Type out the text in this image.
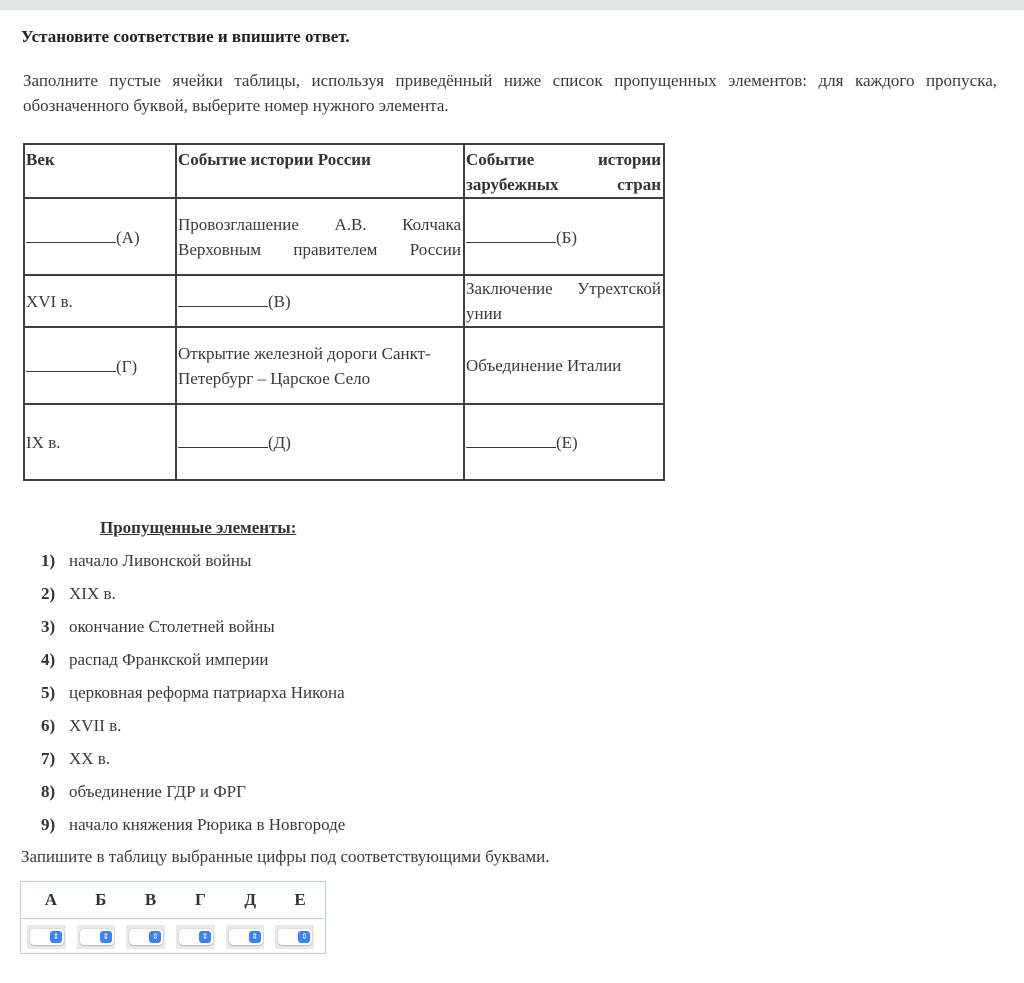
Установите соответствие и впишите ответ.
Заполните пустые ячейки таблицы, используя приведённый ниже список пропущенных элементов: для каждого пропуска, обозначенного буквой, выберите номер нужного элемента.
Век	Событие истории России	Событие истории зарубежных стран
(А)	Провозглашение А.В. Колчака Верховным правителем России	(Б)
XVI в.	(В)	Заключение Утрехтской унии
(Г)	Открытие железной дороги Санкт-Петербург – Царское Село	Объединение Италии
IX в.	(Д)	(Е)
Пропущенные элементы:
1) начало Ливонской войны
2) XIX в.
3) окончание Столетней войны
4) распад Франкской империи
5) церковная реформа патриарха Никона
6) XVII в.
7) XX в.
8) объединение ГДР и ФРГ
9) начало княжения Рюрика в Новгороде
Запишите в таблицу выбранные цифры под соответствующими буквами.
А	Б	В	Г	Д	Е
⇕	⇕	⇕	⇕	⇕	⇕
